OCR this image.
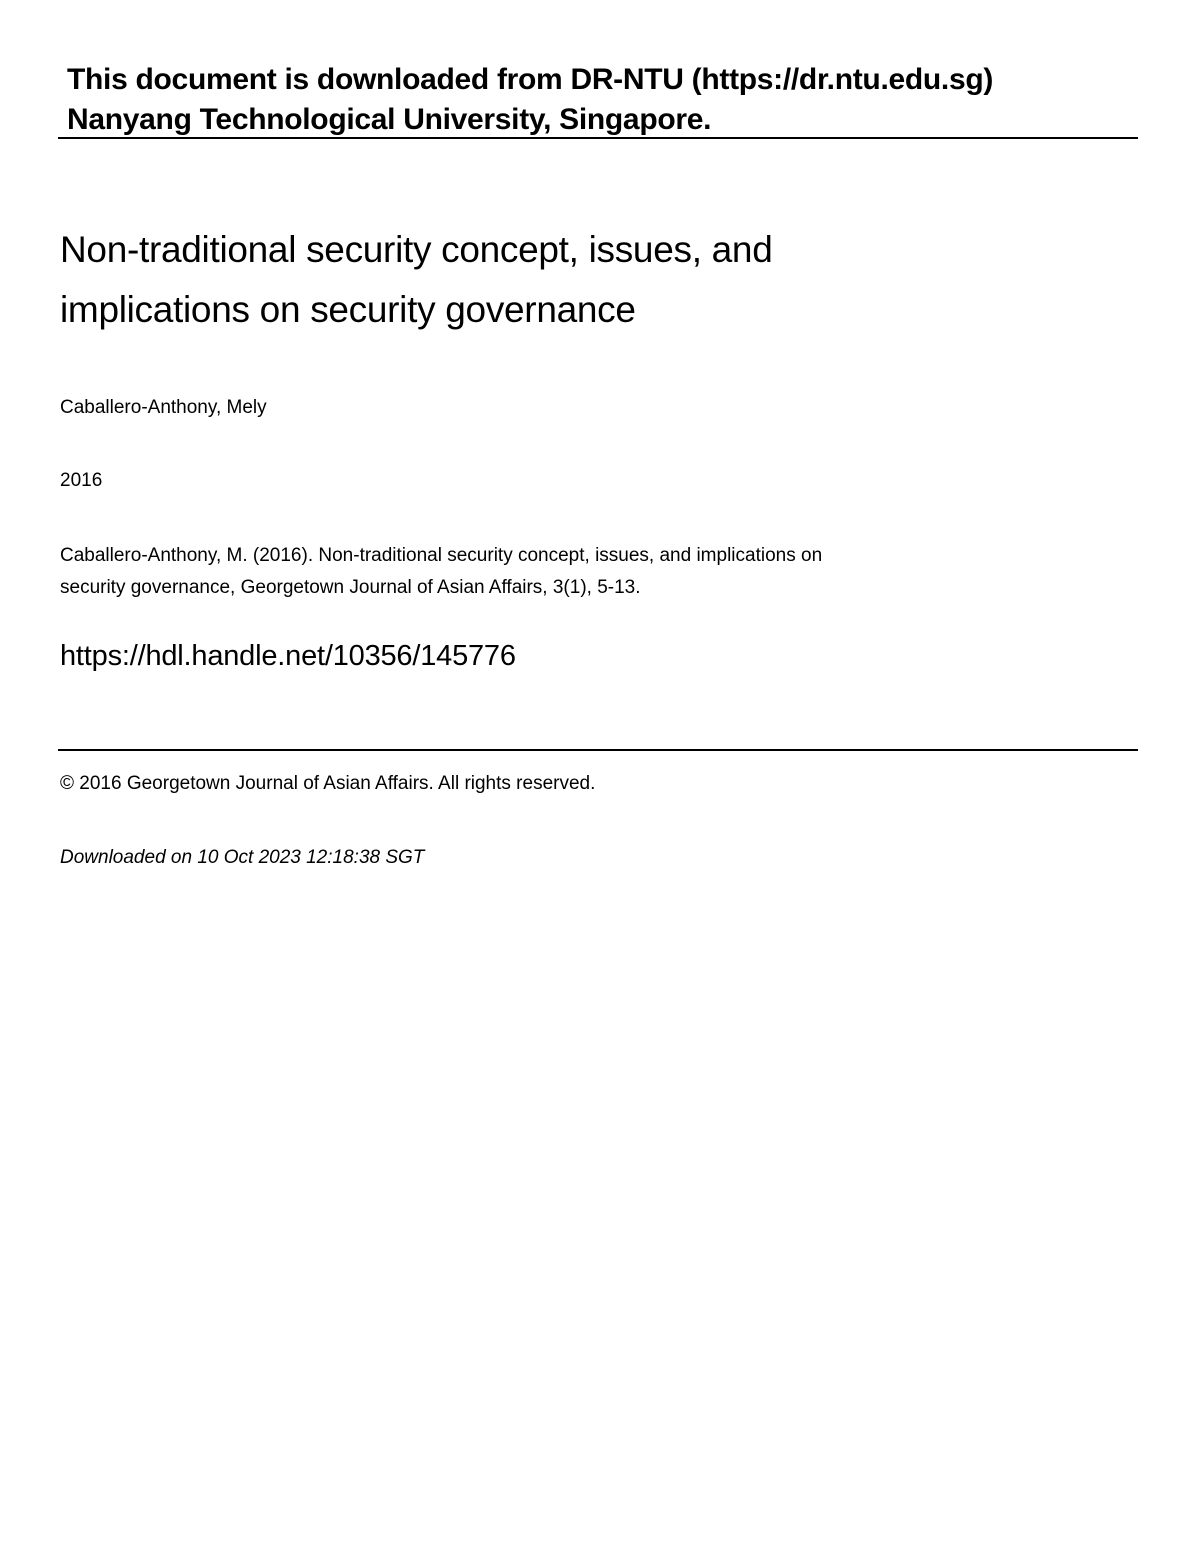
This document is downloaded from DR-NTU (https://dr.ntu.edu.sg)
Nanyang Technological University, Singapore.
Non-traditional security concept, issues, and
implications on security governance
Caballero-Anthony, Mely
2016
Caballero-Anthony, M. (2016). Non-traditional security concept, issues, and implications on
security governance, Georgetown Journal of Asian Affairs, 3(1), 5-13.
https://hdl.handle.net/10356/145776
© 2016 Georgetown Journal of Asian Affairs. All rights reserved.
Downloaded on 10 Oct 2023 12:18:38 SGT
